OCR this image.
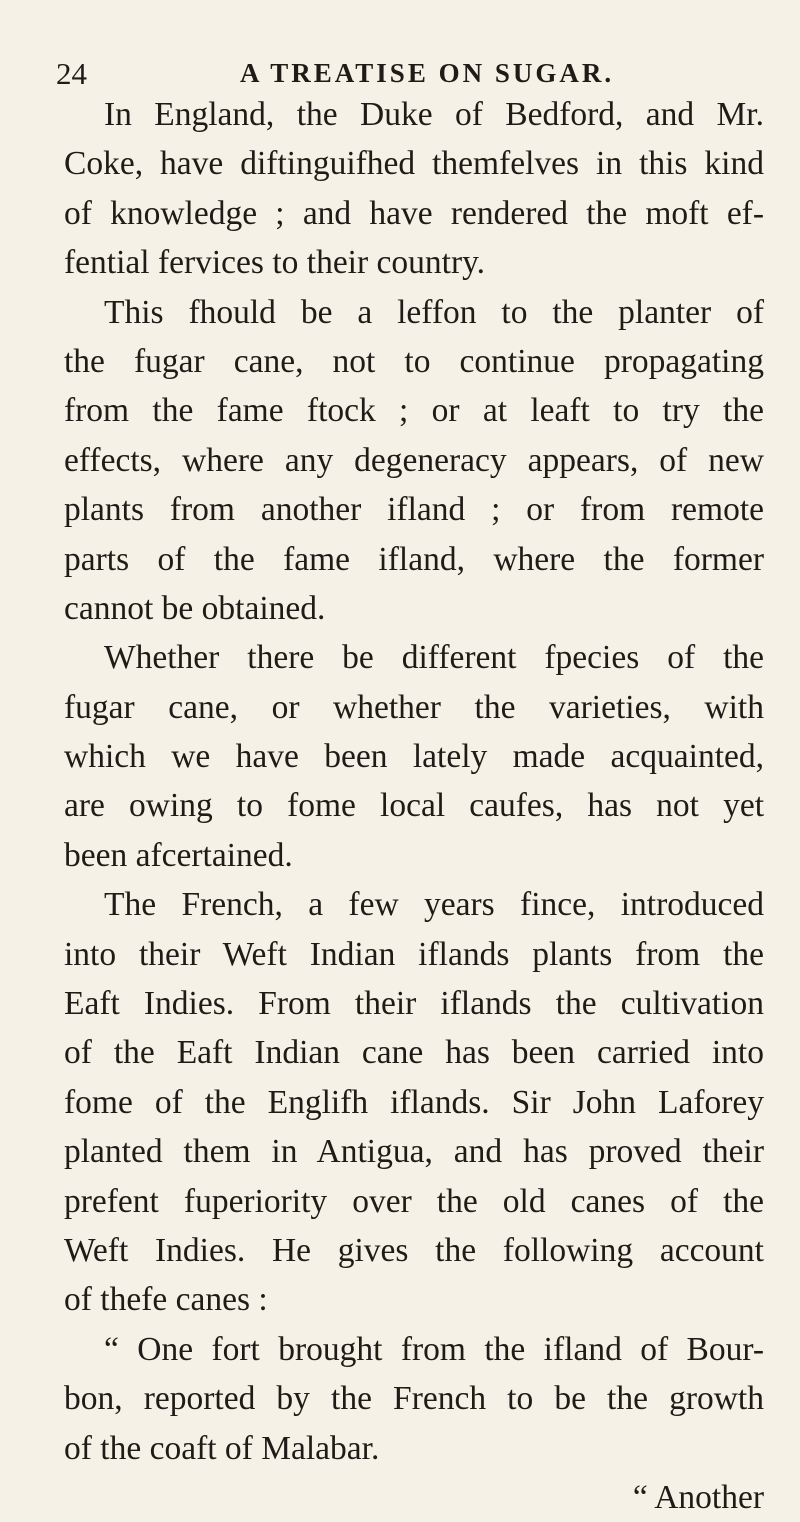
24	A TREATISE ON SUGAR.
In England, the Duke of Bedford, and Mr.
Coke, have diftinguifhed themfelves in this kind
of knowledge ; and have rendered the moft ef-
fential fervices to their country.
This fhould be a leffon to the planter of
the fugar cane, not to continue propagating
from the fame ftock ; or at leaft to try the
effects, where any degeneracy appears, of new
plants from another ifland ; or from remote
parts of the fame ifland, where the former
cannot be obtained.
Whether there be different fpecies of the
fugar cane, or whether the varieties, with
which we have been lately made acquainted,
are owing to fome local caufes, has not yet
been afcertained.
The French, a few years fince, introduced
into their Weft Indian iflands plants from the
Eaft Indies. From their iflands the cultivation
of the Eaft Indian cane has been carried into
fome of the Englifh iflands. Sir John Laforey
planted them in Antigua, and has proved their
prefent fuperiority over the old canes of the
Weft Indies. He gives the following account
of thefe canes :
“ One fort brought from the ifland of Bour-
bon, reported by the French to be the growth
of the coaft of Malabar.
“ Another
